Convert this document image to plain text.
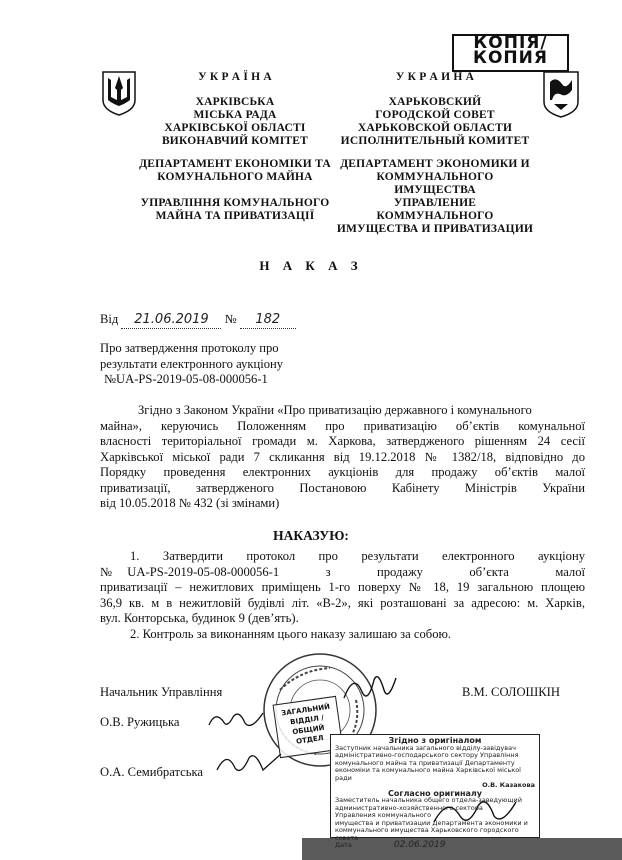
КОПІЯ/
КОПИЯ
У К Р А Ї Н А
ХАРКІВСЬКА
МІСЬКА РАДА
ХАРКІВСЬКОЇ ОБЛАСТІ
ВИКОНАВЧИЙ КОМІТЕТ
ДЕПАРТАМЕНТ ЕКОНОМІКИ ТА
КОМУНАЛЬНОГО МАЙНА
УПРАВЛІННЯ КОМУНАЛЬНОГО
МАЙНА ТА ПРИВАТИЗАЦІЇ
У К Р А И Н А
ХАРЬКОВСКИЙ
ГОРОДСКОЙ СОВЕТ
ХАРЬКОВСКОЙ ОБЛАСТИ
ИСПОЛНИТЕЛЬНЫЙ КОМИТЕТ
ДЕПАРТАМЕНТ ЭКОНОМИКИ И
КОММУНАЛЬНОГО ИМУЩЕСТВА
УПРАВЛЕНИЕ КОММУНАЛЬНОГО
ИМУЩЕСТВА И ПРИВАТИЗАЦИИ
Н А К А З
Від 21.06.2019 № 182
Про затвердження протоколу про
результати електронного аукціону
№UA-PS-2019-05-08-000056-1
Згідно з Законом України «Про приватизацію державного і комунального
майна», керуючись Положенням про приватизацію об’єктів комунальної
власності територіальної громади м. Харкова, затвердженого рішенням 24 сесії
Харківської міської ради 7 скликання від 19.12.2018 № 1382/18, відповідно до
Порядку проведення електронних аукціонів для продажу об’єктів малої
приватизації, затвердженого Постановою Кабінету Міністрів України
від 10.05.2018 № 432 (зі змінами)
НАКАЗУЮ:
1. Затвердити протокол про результати електронного аукціону
№UA-PS-2019-05-08-000056-1 з продажу об’єкта малої
приватизації – нежитлових приміщень 1-го поверху № 18, 19 загальною площею
36,9 кв. м в нежитловій будівлі літ. «В-2», які розташовані за адресою: м. Харків,
вул. Конторська, будинок 9 (девʼять).
2. Контроль за виконанням цього наказу залишаю за собою.
ЗАГАЛЬНИЙ
ВІДДІЛ /
ОБЩИЙ ОТДЕЛ
Начальник Управління	В.М. СОЛОШКІН
О.В. Ружицька
О.А. Семибратська
Згідно з оригіналом
Заступник начальника загального відділу-завідувач
адміністративно-господарського сектору Управління
комунального майна та приватизації Департаменту
економіки та комунального майна Харківської міської ради
О.В. Казакова
Согласно оригиналу
Заместитель начальника общего отдела-заведующий
административно-хозяйственного сектора
Управления коммунального
имущества и приватизации Департамента экономики и
коммунального имущества Харьковского городского
совета
Дата	02.06.2019
